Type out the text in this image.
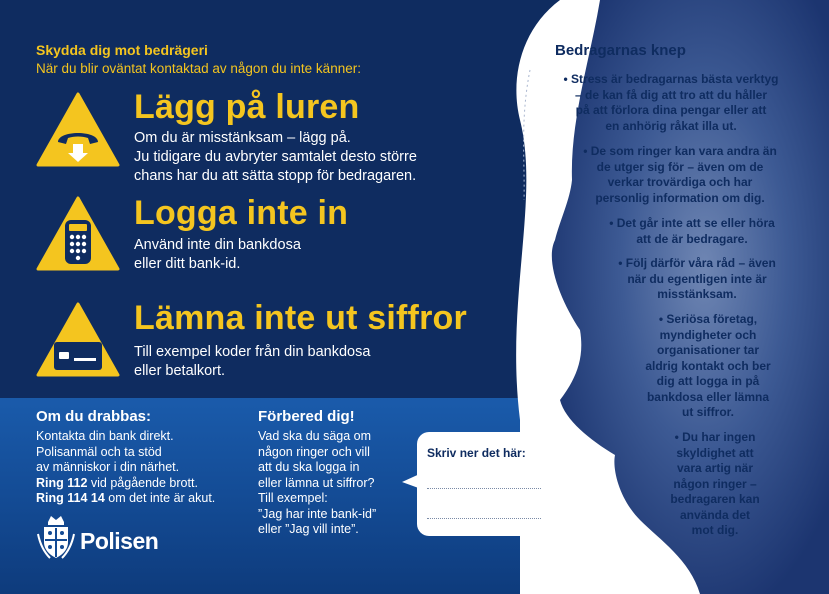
Skydda dig mot bedrägeri
När du blir oväntat kontaktad av någon du inte känner:
Lägg på luren
Om du är misstänksam – lägg på.
Ju tidigare du avbryter samtalet desto större
chans har du att sätta stopp för bedragaren.
Logga inte in
Använd inte din bankdosa
eller ditt bank-id.
Lämna inte ut siffror
Till exempel koder från din bankdosa
eller betalkort.
Om du drabbas:
Kontakta din bank direkt.
Polisanmäl och ta stöd
av människor i din närhet.
Ring 112 vid pågående brott.
Ring 114 14 om det inte är akut.
Polisen
Förbered dig!
Vad ska du säga om
någon ringer och vill
att du ska logga in
eller lämna ut siffror?
Till exempel:
”Jag har inte bank-id”
eller ”Jag vill inte”.
Skriv ner det här:
Bedragarnas knep
• Stress är bedragarnas bästa verktyg
– de kan få dig att tro att du håller
på att förlora dina pengar eller att
en anhörig råkat illa ut.
• De som ringer kan vara andra än
de utger sig för – även om de
verkar trovärdiga och har
personlig information om dig.
• Det går inte att se eller höra
att de är bedragare.
• Följ därför våra råd – även
när du egentligen inte är
misstänksam.
• Seriösa företag,
myndigheter och
organisationer tar
aldrig kontakt och ber
dig att logga in på
bankdosa eller lämna
ut siffror.
• Du har ingen
skyldighet att
vara artig när
någon ringer –
bedragaren kan
använda det
mot dig.
